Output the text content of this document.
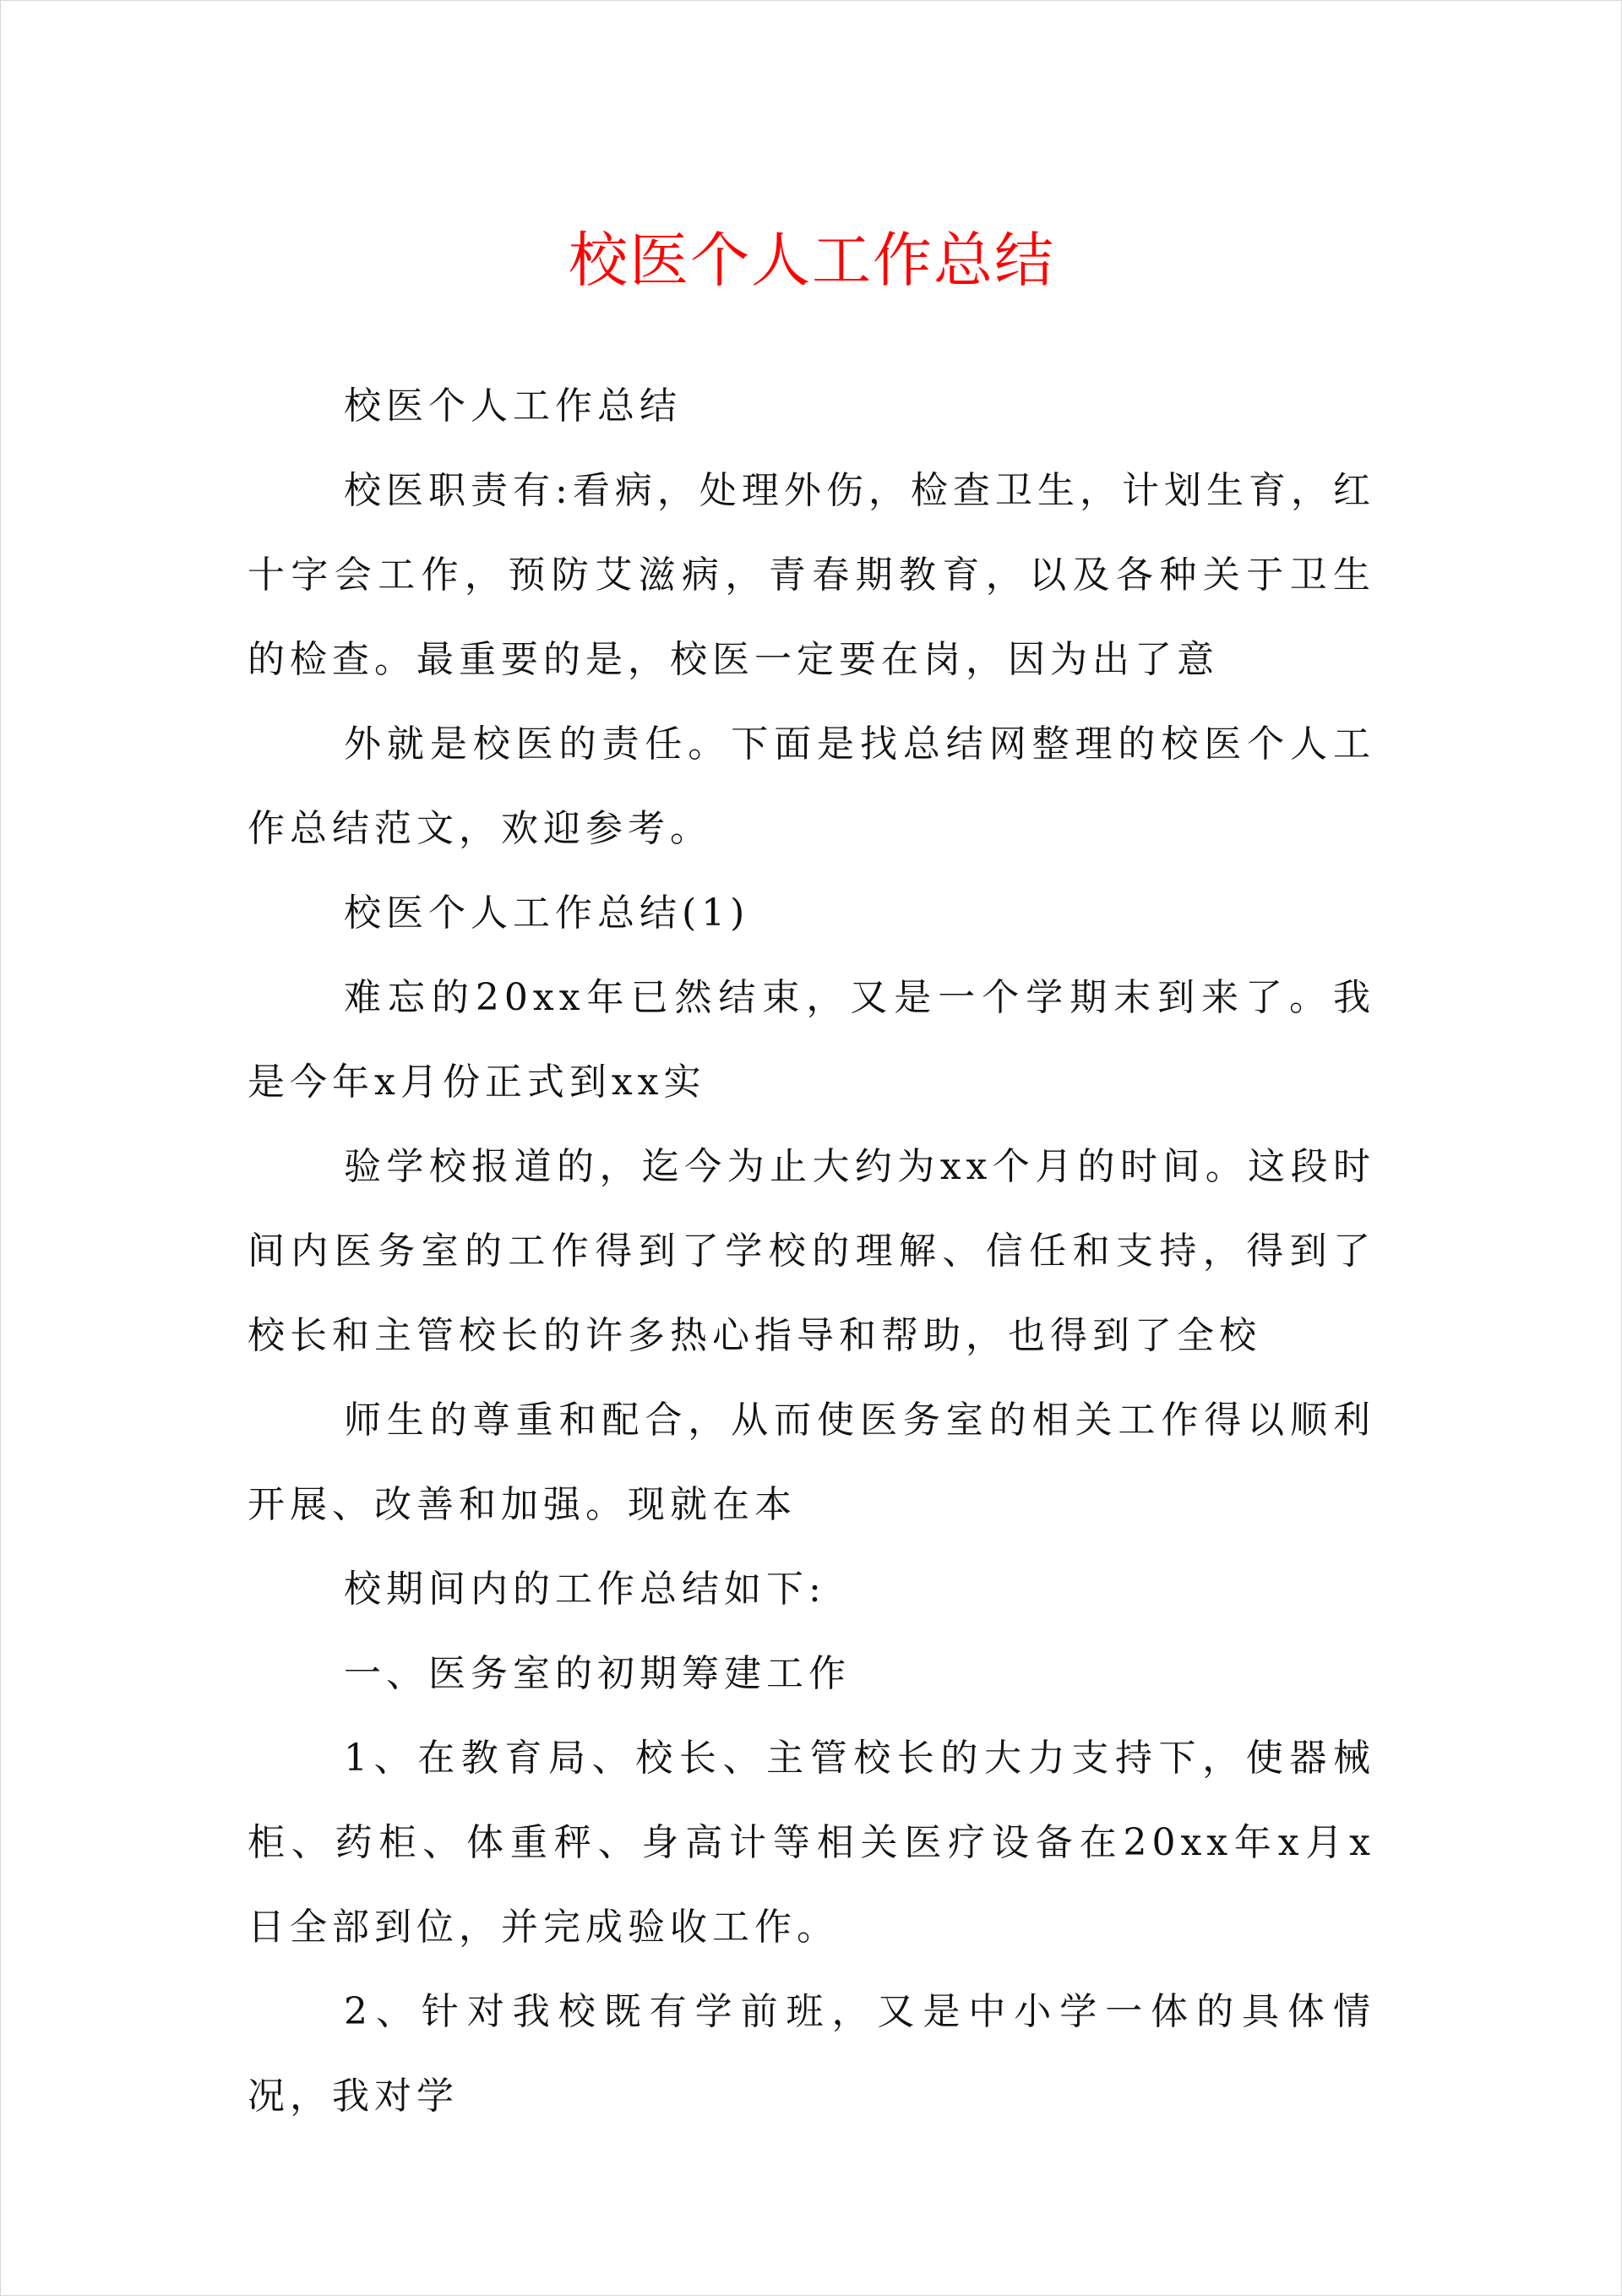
校医个人工作总结

校医个人工作总结

校医职责有:看病，处理外伤，检查卫生，计划生育，红十字会工作，预防艾滋病，青春期教育，以及各种关于卫生的检查。最重要的是，校医一定要在岗，因为出了意

外就是校医的责任。下面是找总结网整理的校医个人工作总结范文，欢迎参考。

校医个人工作总结(1)

难忘的20xx年已然结束，又是一个学期末到来了。我是今年x月份正式到xx实

验学校报道的，迄今为止大约为xx个月的时间。这段时间内医务室的工作得到了学校的理解、信任和支持，得到了校长和主管校长的许多热心指导和帮助，也得到了全校

师生的尊重和配合，从而使医务室的相关工作得以顺利开展、改善和加强。现就在本

校期间内的工作总结如下:

一、医务室的初期筹建工作

1、在教育局、校长、主管校长的大力支持下，使器械柜、药柜、体重秤、身高计等相关医疗设备在20xx年x月x日全部到位，并完成验收工作。

2、针对我校既有学前班，又是中小学一体的具体情况，我对学
